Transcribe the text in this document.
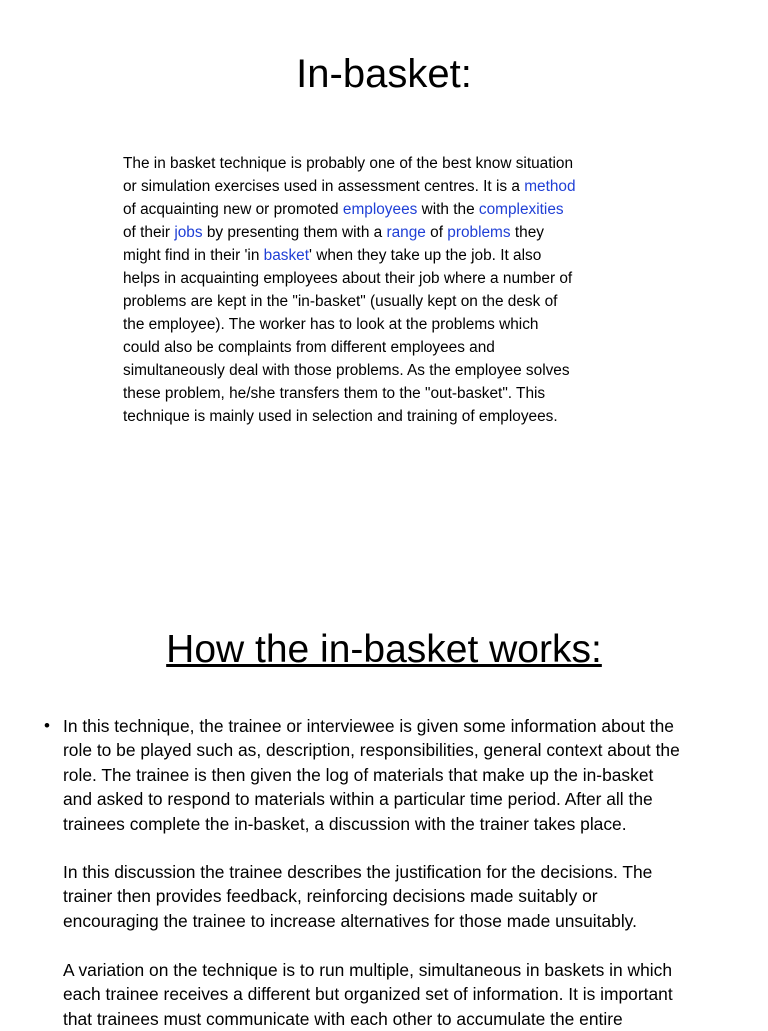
In-basket:
The in basket technique is probably one of the best know situation
or simulation exercises used in assessment centres. It is a method
of acquainting new or promoted employees with the complexities
of their jobs by presenting them with a range of problems they
might find in their 'in basket' when they take up the job. It also
helps in acquainting employees about their job where a number of
problems are kept in the "in-basket" (usually kept on the desk of
the employee). The worker has to look at the problems which
could also be complaints from different employees and
simultaneously deal with those problems. As the employee solves
these problem, he/she transfers them to the "out-basket". This
technique is mainly used in selection and training of employees.
How the in-basket works:
• In this technique, the trainee or interviewee is given some information about the
role to be played such as, description, responsibilities, general context about the
role. The trainee is then given the log of materials that make up the in-basket
and asked to respond to materials within a particular time period. After all the
trainees complete the in-basket, a discussion with the trainer takes place.
In this discussion the trainee describes the justification for the decisions. The
trainer then provides feedback, reinforcing decisions made suitably or
encouraging the trainee to increase alternatives for those made unsuitably.
A variation on the technique is to run multiple, simultaneous in baskets in which
each trainee receives a different but organized set of information. It is important
that trainees must communicate with each other to accumulate the entire
